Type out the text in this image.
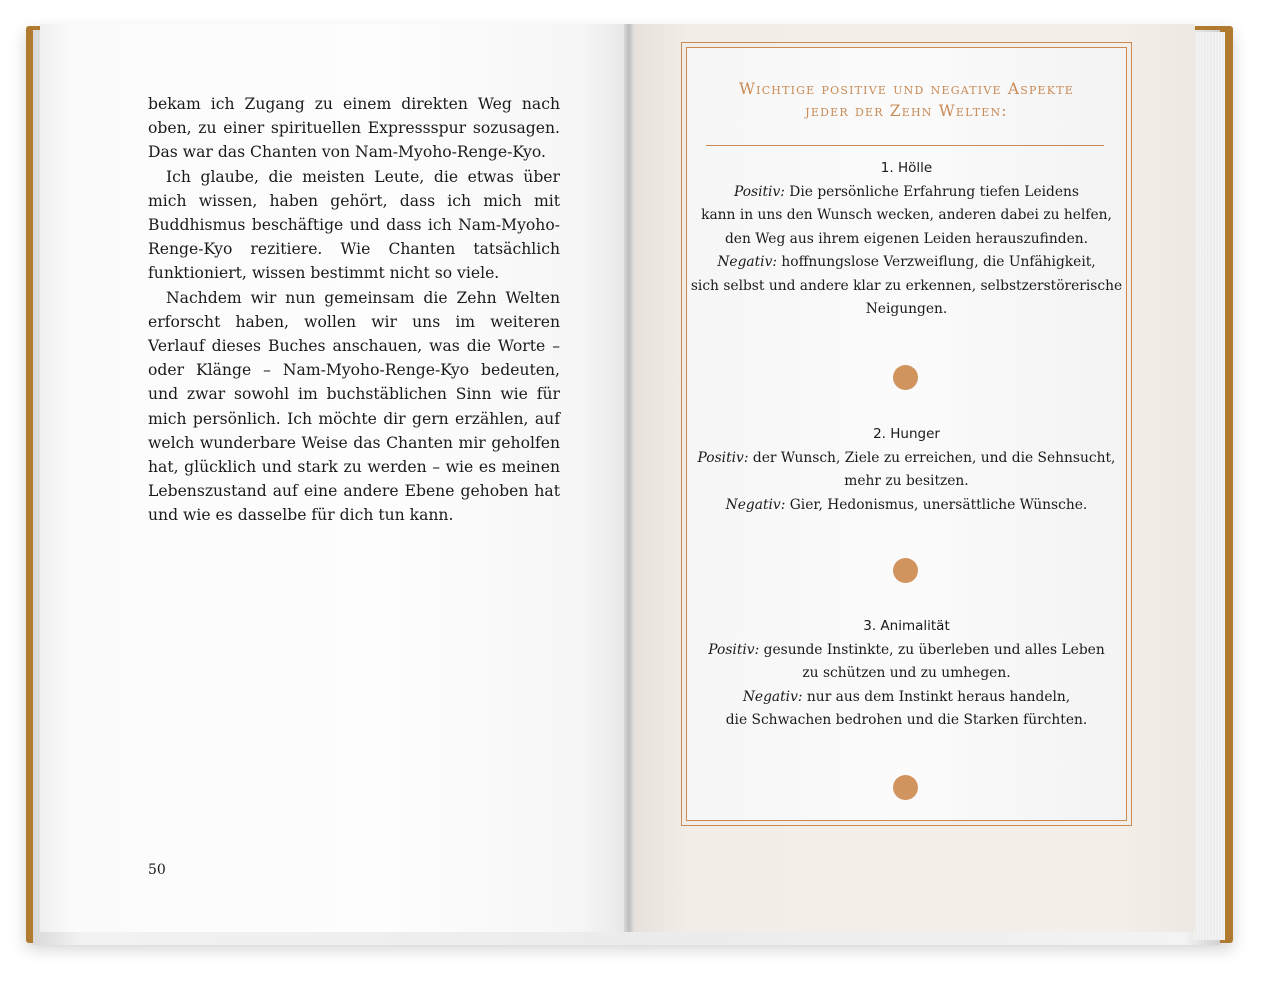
bekam ich Zugang zu einem direkten Weg nach oben, zu einer spirituellen Expressspur sozusagen. Das war das Chanten von Nam-Myoho-Renge-Kyo.

Ich glaube, die meisten Leute, die etwas über mich wissen, haben gehört, dass ich mich mit Buddhismus beschäftige und dass ich Nam-Myoho-Renge-Kyo rezitiere. Wie Chanten tatsächlich funktioniert, wissen bestimmt nicht so viele.

Nachdem wir nun gemeinsam die Zehn Welten erforscht haben, wollen wir uns im weiteren Verlauf dieses Buches anschauen, was die Worte – oder Klänge – Nam-Myoho-Renge-Kyo bedeuten, und zwar sowohl im buchstäblichen Sinn wie für mich persönlich. Ich möchte dir gern erzählen, auf welch wunderbare Weise das Chanten mir geholfen hat, glücklich und stark zu werden – wie es meinen Lebenszustand auf eine andere Ebene gehoben hat und wie es dasselbe für dich tun kann.

50
Wichtige positive und negative Aspekte
jeder der Zehn Welten:
1. Hölle
Positiv: Die persönliche Erfahrung tiefen Leidens
kann in uns den Wunsch wecken, anderen dabei zu helfen,
den Weg aus ihrem eigenen Leiden herauszufinden.
Negativ: hoffnungslose Verzweiflung, die Unfähigkeit,
sich selbst und andere klar zu erkennen, selbstzerstörerische
Neigungen.
2. Hunger
Positiv: der Wunsch, Ziele zu erreichen, und die Sehnsucht,
mehr zu besitzen.
Negativ: Gier, Hedonismus, unersättliche Wünsche.
3. Animalität
Positiv: gesunde Instinkte, zu überleben und alles Leben
zu schützen und zu umhegen.
Negativ: nur aus dem Instinkt heraus handeln,
die Schwachen bedrohen und die Starken fürchten.
